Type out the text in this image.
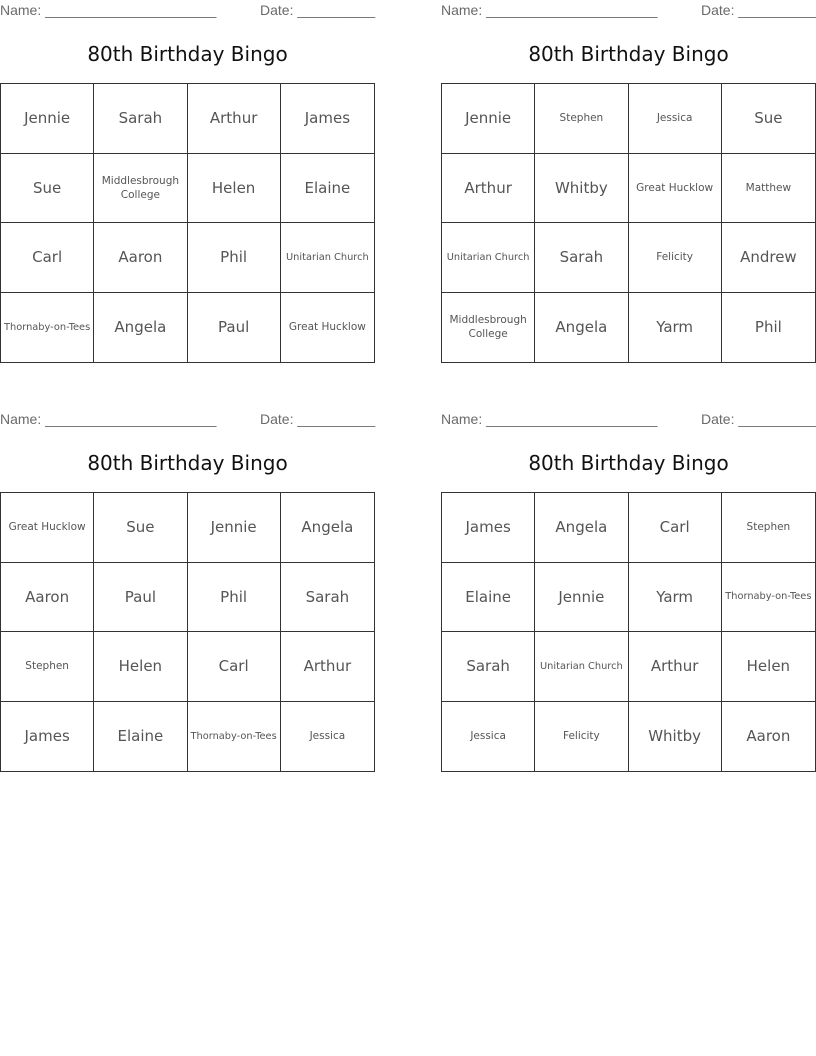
Name: ______________________	Date: __________
80th Birthday Bingo
Jennie	Sarah	Arthur	James
Sue	Middlesbrough College	Helen	Elaine
Carl	Aaron	Phil	Unitarian Church
Thornaby-on-Tees	Angela	Paul	Great Hucklow
Name: ______________________	Date: __________
80th Birthday Bingo
Jennie	Stephen	Jessica	Sue
Arthur	Whitby	Great Hucklow	Matthew
Unitarian Church	Sarah	Felicity	Andrew
Middlesbrough College	Angela	Yarm	Phil
Name: ______________________	Date: __________
80th Birthday Bingo
Great Hucklow	Sue	Jennie	Angela
Aaron	Paul	Phil	Sarah
Stephen	Helen	Carl	Arthur
James	Elaine	Thornaby-on-Tees	Jessica
Name: ______________________	Date: __________
80th Birthday Bingo
James	Angela	Carl	Stephen
Elaine	Jennie	Yarm	Thornaby-on-Tees
Sarah	Unitarian Church	Arthur	Helen
Jessica	Felicity	Whitby	Aaron
